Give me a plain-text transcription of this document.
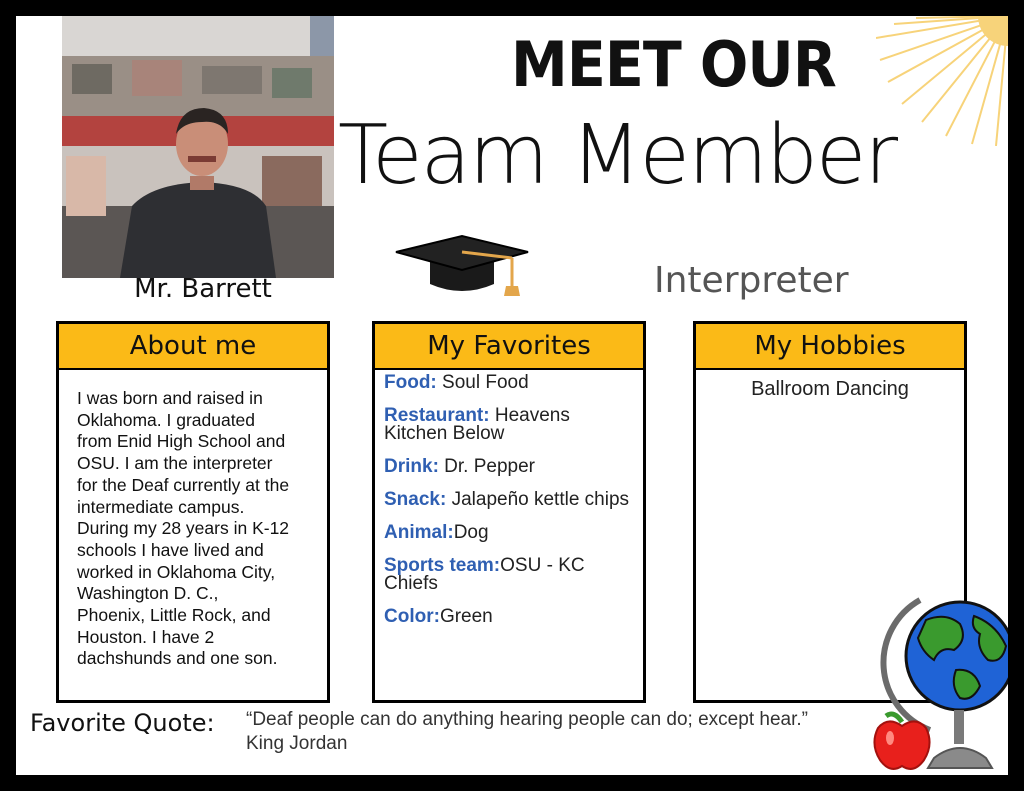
Mr. Barrett
MEET OUR
Team Member
Interpreter
About me
I was born and raised in
Oklahoma. I graduated
from Enid High School and
OSU. I am the interpreter
for the Deaf currently at the
intermediate campus.
During my 28 years in K-12
schools I have lived and
worked in Oklahoma City,
Washington D. C.,
Phoenix, Little Rock, and
Houston. I have 2
dachshunds and one son.
My Favorites
Food: Soul Food
Restaurant: Heavens Kitchen Below
Drink: Dr. Pepper
Snack: Jalapeño kettle chips
Animal:Dog
Sports team:OSU - KC Chiefs
Color:Green
My Hobbies
Ballroom Dancing
Favorite Quote: “Deaf people can do anything hearing people can do; except hear.”
King Jordan
